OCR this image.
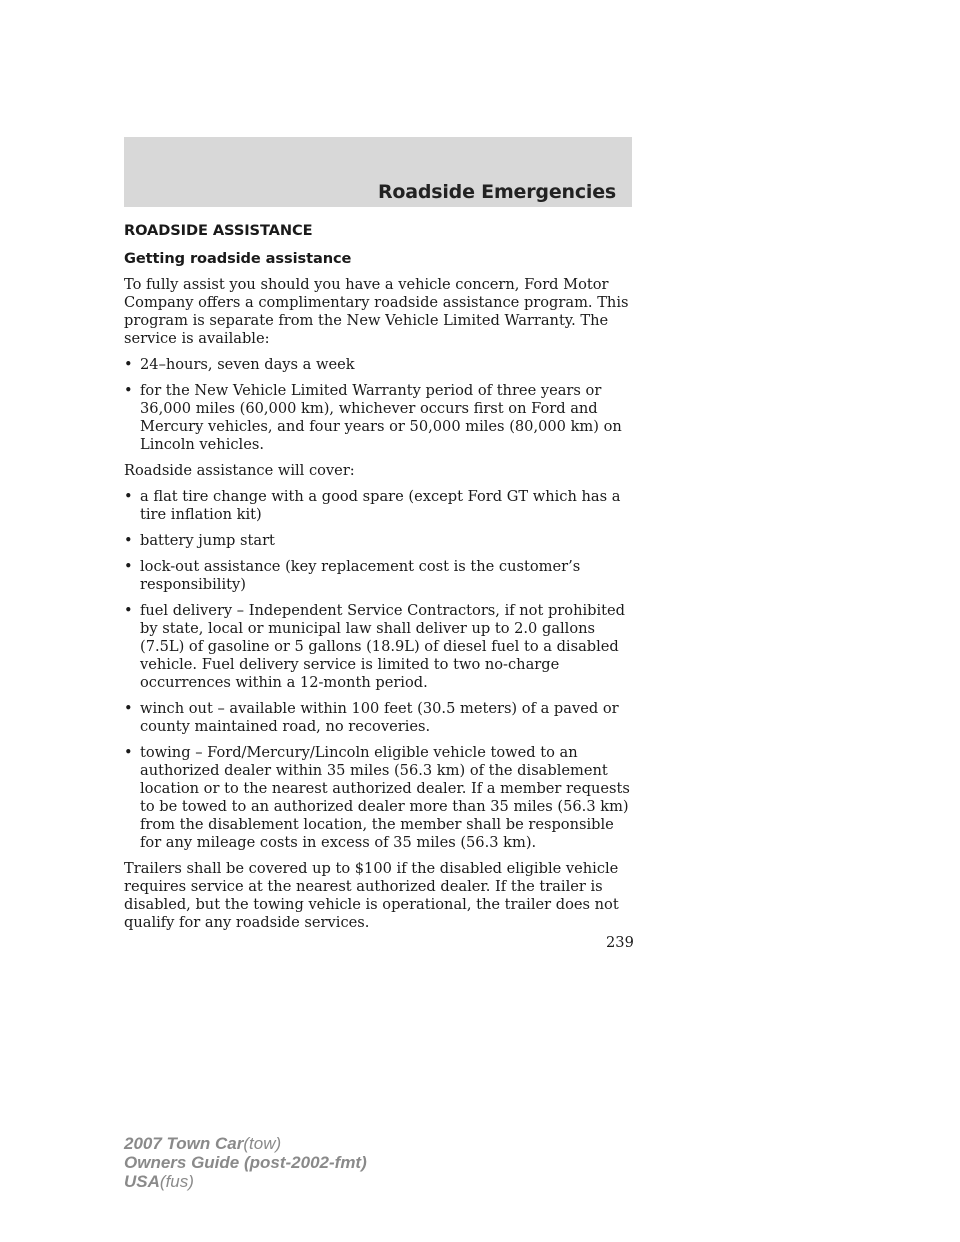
Roadside Emergencies
ROADSIDE ASSISTANCE
Getting roadside assistance

To fully assist you should you have a vehicle concern, Ford Motor Company offers a complimentary roadside assistance program. This program is separate from the New Vehicle Limited Warranty. The service is available:

• 24–hours, seven days a week
• for the New Vehicle Limited Warranty period of three years or 36,000 miles (60,000 km), whichever occurs first on Ford and Mercury vehicles, and four years or 50,000 miles (80,000 km) on Lincoln vehicles.

Roadside assistance will cover:

• a flat tire change with a good spare (except Ford GT which has a tire inflation kit)
• battery jump start
• lock-out assistance (key replacement cost is the customer’s responsibility)
• fuel delivery – Independent Service Contractors, if not prohibited by state, local or municipal law shall deliver up to 2.0 gallons (7.5L) of gasoline or 5 gallons (18.9L) of diesel fuel to a disabled vehicle. Fuel delivery service is limited to two no-charge occurrences within a 12-month period.
• winch out – available within 100 feet (30.5 meters) of a paved or county maintained road, no recoveries.
• towing – Ford/Mercury/Lincoln eligible vehicle towed to an authorized dealer within 35 miles (56.3 km) of the disablement location or to the nearest authorized dealer. If a member requests to be towed to an authorized dealer more than 35 miles (56.3 km) from the disablement location, the member shall be responsible for any mileage costs in excess of 35 miles (56.3 km).

Trailers shall be covered up to $100 if the disabled eligible vehicle requires service at the nearest authorized dealer. If the trailer is disabled, but the towing vehicle is operational, the trailer does not qualify for any roadside services.

239
2007 Town Car(tow)
Owners Guide (post-2002-fmt)
USA(fus)
